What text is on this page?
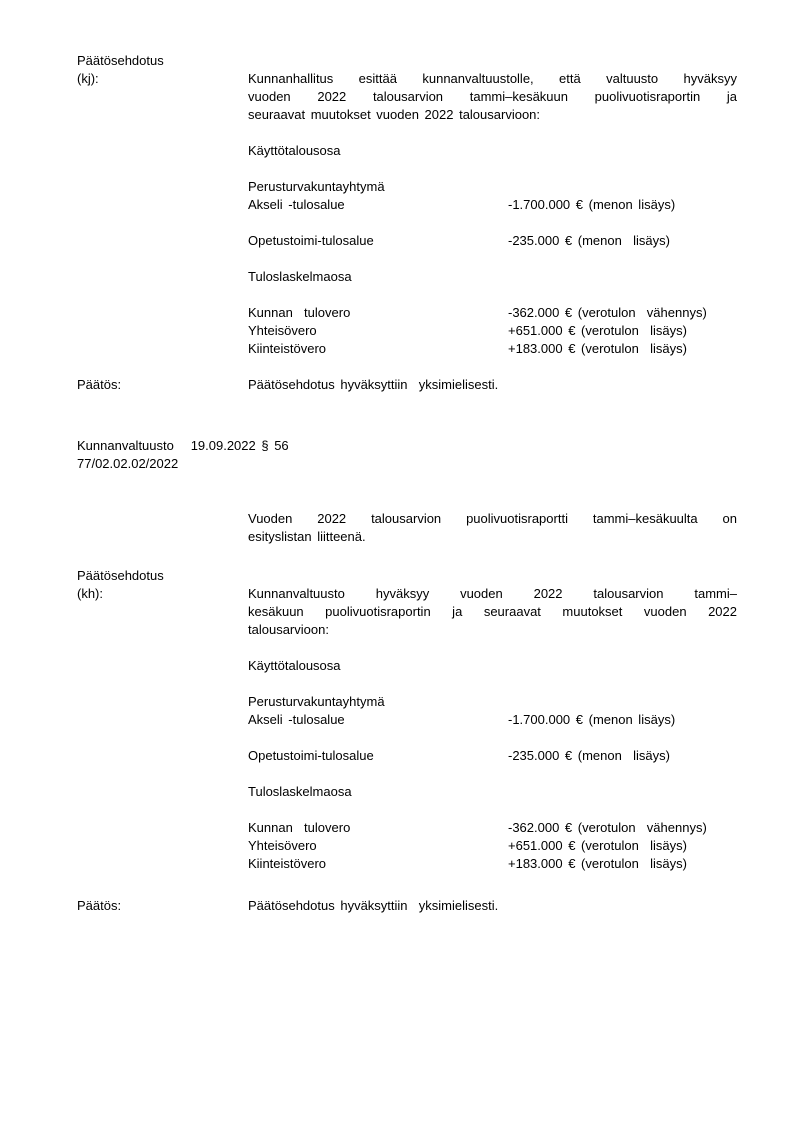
Päätösehdotus
(kj):	Kunnanhallitus esittää kunnanvaltuustolle, että valtuusto hyväksyy
vuoden 2022 talousarvion tammi–kesäkuun puolivuotisraportin ja
seuraavat muutokset vuoden 2022 talousarvioon:
Käyttötalousosa
Perusturvakuntayhtymä
Akseli -tulosalue	-1.700.000 € (menon lisäys)
Opetustoimi-tulosalue	-235.000 € (menon  lisäys)
Tuloslaskelmaosa
Kunnan  tulovero	-362.000 € (verotulon  vähennys)
Yhteisövero	+651.000 € (verotulon  lisäys)
Kiinteistövero	+183.000 € (verotulon  lisäys)
Päätös:	Päätösehdotus hyväksyttiin  yksimielisesti.
Kunnanvaltuusto   19.09.2022 § 56
77/02.02.02/2022
Vuoden 2022 talousarvion puolivuotisraportti tammi–kesäkuulta on
esityslistan liitteenä.
Päätösehdotus
(kh):	Kunnanvaltuusto hyväksyy vuoden 2022 talousarvion tammi–
kesäkuun puolivuotisraportin ja seuraavat muutokset vuoden 2022
talousarvioon:
Käyttötalousosa
Perusturvakuntayhtymä
Akseli -tulosalue	-1.700.000 € (menon lisäys)
Opetustoimi-tulosalue	-235.000 € (menon  lisäys)
Tuloslaskelmaosa
Kunnan  tulovero	-362.000 € (verotulon  vähennys)
Yhteisövero	+651.000 € (verotulon  lisäys)
Kiinteistövero	+183.000 € (verotulon  lisäys)
Päätös:	Päätösehdotus hyväksyttiin  yksimielisesti.
